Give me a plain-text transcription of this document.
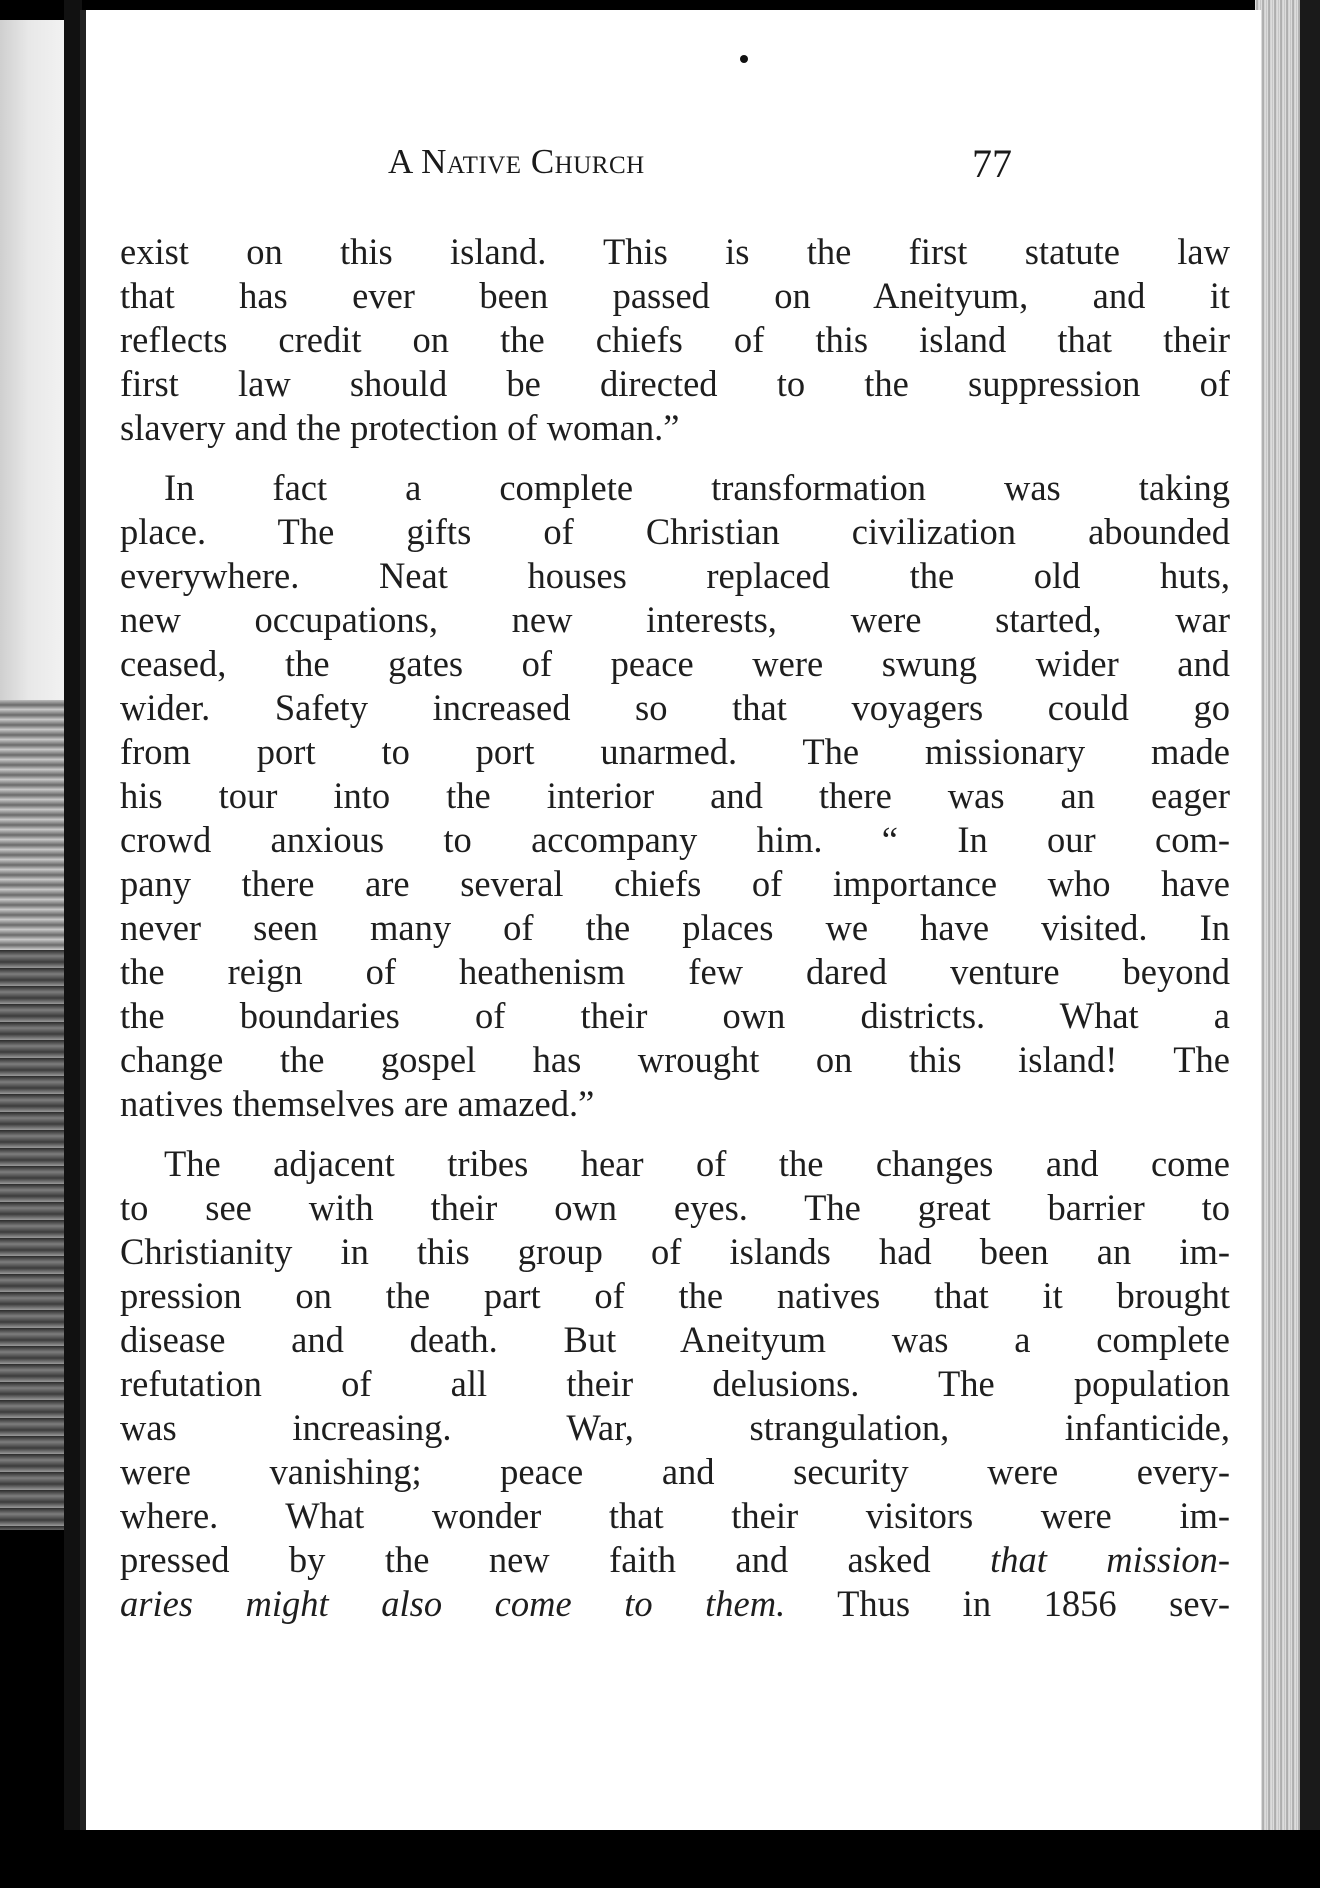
A Native Church	77
exist on this island. This is the first statute law
that has ever been passed on Aneityum, and it
reflects credit on the chiefs of this island that their
first law should be directed to the suppression of
slavery and the protection of woman.”
In fact a complete transformation was taking
place. The gifts of Christian civilization abounded
everywhere. Neat houses replaced the old huts,
new occupations, new interests, were started, war
ceased, the gates of peace were swung wider and
wider. Safety increased so that voyagers could go
from port to port unarmed. The missionary made
his tour into the interior and there was an eager
crowd anxious to accompany him. “ In our com-
pany there are several chiefs of importance who have
never seen many of the places we have visited. In
the reign of heathenism few dared venture beyond
the boundaries of their own districts. What a
change the gospel has wrought on this island! The
natives themselves are amazed.”
The adjacent tribes hear of the changes and come
to see with their own eyes. The great barrier to
Christianity in this group of islands had been an im-
pression on the part of the natives that it brought
disease and death. But Aneityum was a complete
refutation of all their delusions. The population
was increasing. War, strangulation, infanticide,
were vanishing; peace and security were every-
where. What wonder that their visitors were im-
pressed by the new faith and asked that mission-
aries might also come to them. Thus in 1856 sev-
